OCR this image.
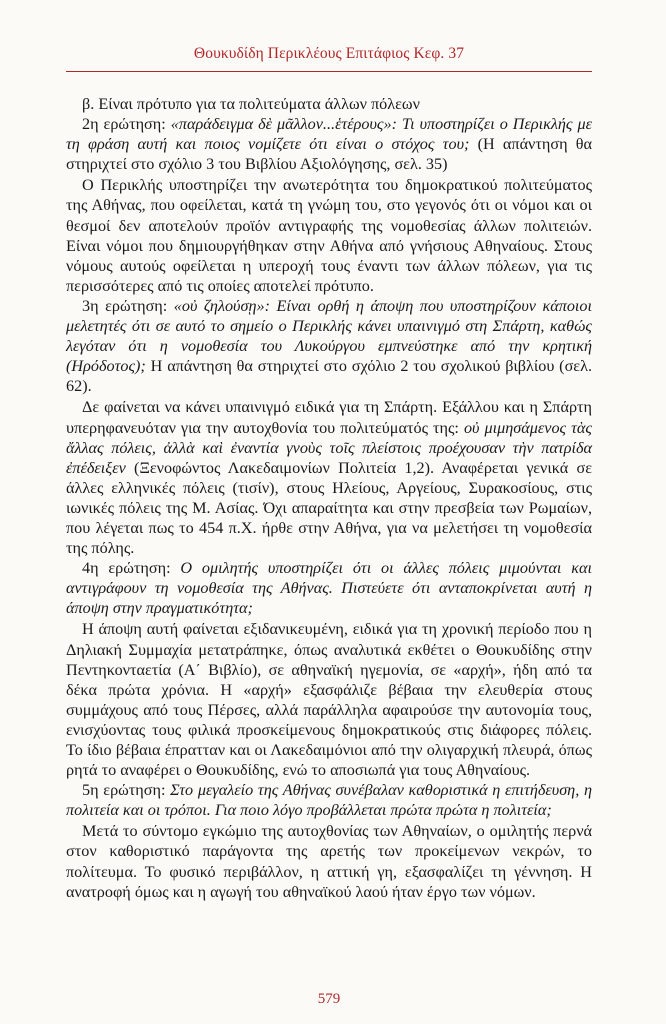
Θουκυδίδη Περικλέους Επιτάφιος Κεφ. 37

β. Είναι πρότυπο για τα πολιτεύματα άλλων πόλεων

2η ερώτηση: «παράδειγμα δὲ μᾶλλον...ἑτέρους»: Τι υποστηρίζει ο Περικλής με τη φράση αυτή και ποιος νομίζετε ότι είναι ο στόχος του; (Η απάντηση θα στηριχτεί στο σχόλιο 3 του Βιβλίου Αξιολόγησης, σελ. 35)

Ο Περικλής υποστηρίζει την ανωτερότητα του δημοκρατικού πολιτεύματος της Αθήνας, που οφείλεται, κατά τη γνώμη του, στο γεγονός ότι οι νόμοι και οι θεσμοί δεν αποτελούν προϊόν αντιγραφής της νομοθεσίας άλλων πολιτειών. Είναι νόμοι που δημιουργήθηκαν στην Αθήνα από γνήσιους Αθηναίους. Στους νόμους αυτούς οφείλεται η υπεροχή τους έναντι των άλλων πόλεων, για τις περισσότερες από τις οποίες αποτελεί πρότυπο.

3η ερώτηση: «οὐ ζηλούσῃ»: Είναι ορθή η άποψη που υποστηρίζουν κάποιοι μελετητές ότι σε αυτό το σημείο ο Περικλής κάνει υπαινιγμό στη Σπάρτη, καθώς λεγόταν ότι η νομοθεσία του Λυκούργου εμπνεύστηκε από την κρητική (Ηρόδοτος); Η απάντηση θα στηριχτεί στο σχόλιο 2 του σχολικού βιβλίου (σελ. 62).

Δε φαίνεται να κάνει υπαινιγμό ειδικά για τη Σπάρτη. Εξάλλου και η Σπάρτη υπερηφανευόταν για την αυτοχθονία του πολιτεύματός της: οὐ μιμησάμενος τὰς ἄλλας πόλεις, ἀλλὰ καὶ ἐναντία γνοὺς τοῖς πλείστοις προέχουσαν τὴν πατρίδα ἐπέδειξεν (Ξενοφώντος Λακεδαιμονίων Πολιτεία 1,2). Αναφέρεται γενικά σε άλλες ελληνικές πόλεις (τισίν), στους Ηλείους, Αργείους, Συρακοσίους, στις ιωνικές πόλεις της Μ. Ασίας. Όχι απαραίτητα και στην πρεσβεία των Ρωμαίων, που λέγεται πως το 454 π.Χ. ήρθε στην Αθήνα, για να μελετήσει τη νομοθεσία της πόλης.

4η ερώτηση: Ο ομιλητής υποστηρίζει ότι οι άλλες πόλεις μιμούνται και αντιγράφουν τη νομοθεσία της Αθήνας. Πιστεύετε ότι ανταποκρίνεται αυτή η άποψη στην πραγματικότητα;

Η άποψη αυτή φαίνεται εξιδανικευμένη, ειδικά για τη χρονική περίοδο που η Δηλιακή Συμμαχία μετατράπηκε, όπως αναλυτικά εκθέτει ο Θουκυδίδης στην Πεντηκονταετία (Α΄ Βιβλίο), σε αθηναϊκή ηγεμονία, σε «αρχή», ήδη από τα δέκα πρώτα χρόνια. Η «αρχή» εξασφάλιζε βέβαια την ελευθερία στους συμμάχους από τους Πέρσες, αλλά παράλληλα αφαιρούσε την αυτονομία τους, ενισχύοντας τους φιλικά προσκείμενους δημοκρατικούς στις διάφορες πόλεις. Το ίδιο βέβαια έπρατταν και οι Λακεδαιμόνιοι από την ολιγαρχική πλευρά, όπως ρητά το αναφέρει ο Θουκυδίδης, ενώ το αποσιωπά για τους Αθηναίους.

5η ερώτηση: Στο μεγαλείο της Αθήνας συνέβαλαν καθοριστικά η επιτήδευση, η πολιτεία και οι τρόποι. Για ποιο λόγο προβάλλεται πρώτα πρώτα η πολιτεία;

Μετά το σύντομο εγκώμιο της αυτοχθονίας των Αθηναίων, ο ομιλητής περνά στον καθοριστικό παράγοντα της αρετής των προκείμενων νεκρών, το πολίτευμα. Το φυσικό περιβάλλον, η αττική γη, εξασφαλίζει τη γέννηση. Η ανατροφή όμως και η αγωγή του αθηναϊκού λαού ήταν έργο των νόμων.

579
